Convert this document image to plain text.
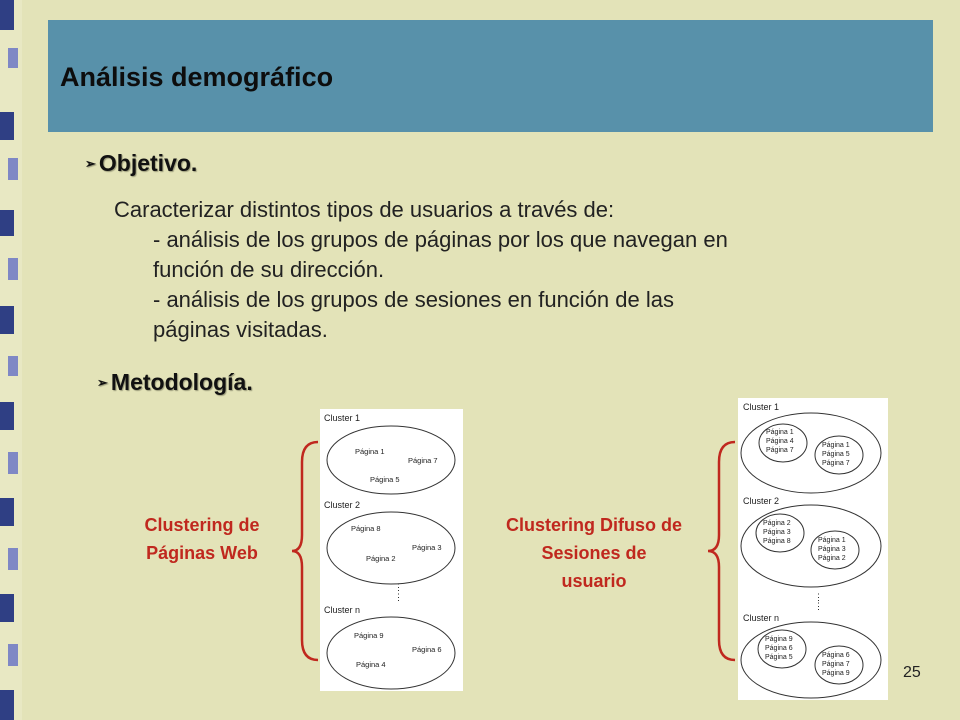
Análisis demográfico
➢ Objetivo.
Caracterizar distintos tipos de usuarios a través de:
- análisis de los grupos de páginas por los que navegan en
función de su dirección.
- análisis de los grupos de sesiones en función de las
páginas visitadas.
➢ Metodología.
Clustering de
Páginas Web
Cluster 1
Página 1
Página 7
Página 5
Cluster 2
Página 8
Página 3
Página 2
⋮
⋮
Cluster n
Página 9
Página 6
Página 4
Clustering Difuso de
Sesiones de
usuario
Cluster 1
Página 1
Página 4
Página 7
Página 1
Página 5
Página 7
Cluster 2
Página 2
Página 3
Página 8	Página 1
Página 3
Página 2
⋮
⋮
Cluster n
Página 9
Página 6
Página 5	Página 6
Página 7
Página 9	25
